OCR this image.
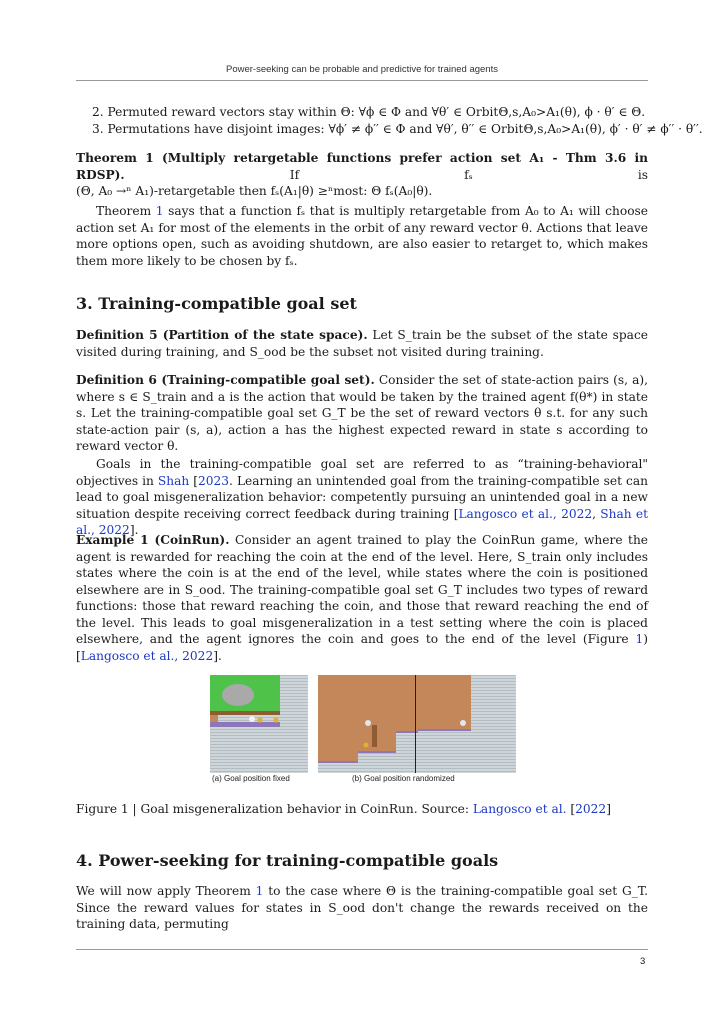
Power-seeking can be probable and predictive for trained agents
2. Permuted reward vectors stay within Θ: ∀ϕ ∈ Φ and ∀θ′ ∈ OrbitΘ,s,A₀>A₁(θ), ϕ · θ′ ∈ Θ.
3. Permutations have disjoint images: ∀ϕ′ ≠ ϕ′′ ∈ Φ and ∀θ′, θ′′ ∈ OrbitΘ,s,A₀>A₁(θ), ϕ′ · θ′ ≠ ϕ′′ · θ′′.

Theorem 1 (Multiply retargetable functions prefer action set A₁ - Thm 3.6 in RDSP).	If fₛ is

(Θ, A₀ →ⁿ A₁)-retargetable then fₛ(A₁|θ) ≥ⁿmost: Θ fₛ(A₀|θ).

Theorem 1 says that a function fₛ that is multiply retargetable from A₀ to A₁ will choose action set A₁ for most of the elements in the orbit of any reward vector θ. Actions that leave more options open, such as avoiding shutdown, are also easier to retarget to, which makes them more likely to be chosen by fₛ.

3. Training-compatible goal set

Definition 5 (Partition of the state space). Let S_train be the subset of the state space visited during training, and S_ood be the subset not visited during training.

Definition 6 (Training-compatible goal set). Consider the set of state-action pairs (s, a), where s ∈ S_train and a is the action that would be taken by the trained agent f(θ*) in state s. Let the training-compatible goal set G_T be the set of reward vectors θ s.t. for any such state-action pair (s, a), action a has the highest expected reward in state s according to reward vector θ.

Goals in the training-compatible goal set are referred to as “training-behavioral" objectives in Shah [2023. Learning an unintended goal from the training-compatible set can lead to goal misgeneralization behavior: competently pursuing an unintended goal in a new situation despite receiving correct feedback during training [Langosco et al., 2022, Shah et al., 2022].

Example 1 (CoinRun). Consider an agent trained to play the CoinRun game, where the agent is rewarded for reaching the coin at the end of the level. Here, S_train only includes states where the coin is at the end of the level, while states where the coin is positioned elsewhere are in S_ood. The training-compatible goal set G_T includes two types of reward functions: those that reward reaching the coin, and those that reward reaching the end of the level. This leads to goal misgeneralization in a test setting where the coin is placed elsewhere, and the agent ignores the coin and goes to the end of the level (Figure 1) [Langosco et al., 2022].

(a) Goal position fixed	(b) Goal position randomized
Figure 1 | Goal misgeneralization behavior in CoinRun. Source: Langosco et al. [2022]
4. Power-seeking for training-compatible goals

We will now apply Theorem 1 to the case where Θ is the training-compatible goal set G_T. Since the reward values for states in S_ood don't change the rewards received on the training data, permuting

3
